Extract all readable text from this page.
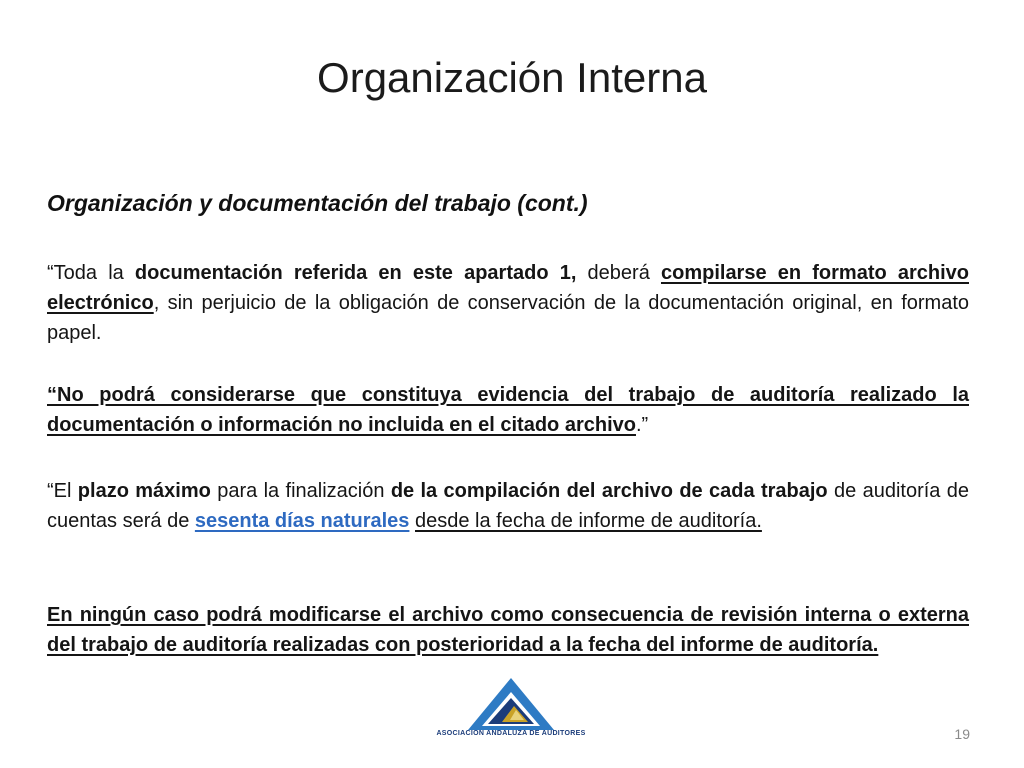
Organización Interna
Organización y documentación del trabajo (cont.)

“Toda la documentación referida en este apartado 1, deberá compilarse en formato archivo electrónico, sin perjuicio de la obligación de conservación de la documentación original, en formato papel.

“No podrá considerarse que constituya evidencia del trabajo de auditoría realizado la documentación o información no incluida en el citado archivo.”

“El plazo máximo para la finalización de la compilación del archivo de cada trabajo de auditoría de cuentas será de sesenta días naturales desde la fecha de informe de auditoría.

En ningún caso podrá modificarse el archivo como consecuencia de revisión interna o externa del trabajo de auditoría realizadas con posterioridad a la fecha del informe de auditoría.

ASOCIACION ANDALUZA DE AUDITORES	19
